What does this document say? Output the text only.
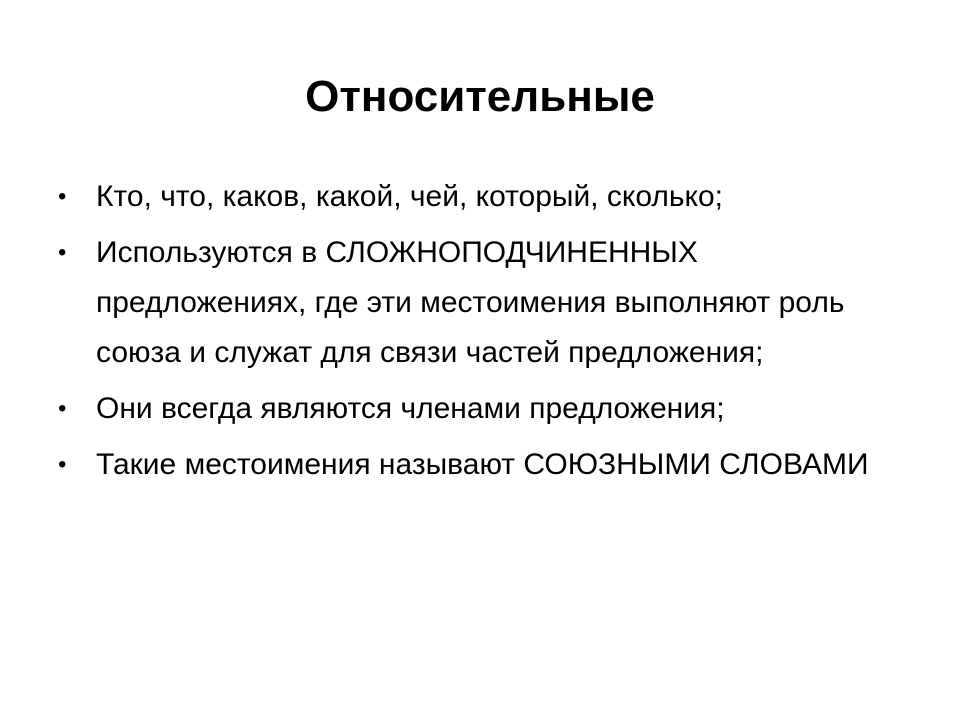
Относительные
• Кто, что, каков, какой, чей, который, сколько;
• Используются в СЛОЖНОПОДЧИНЕННЫХ предложениях, где эти местоимения выполняют роль союза и служат для связи частей предложения;
• Они всегда являются членами предложения;
• Такие местоимения называют СОЮЗНЫМИ СЛОВАМИ
